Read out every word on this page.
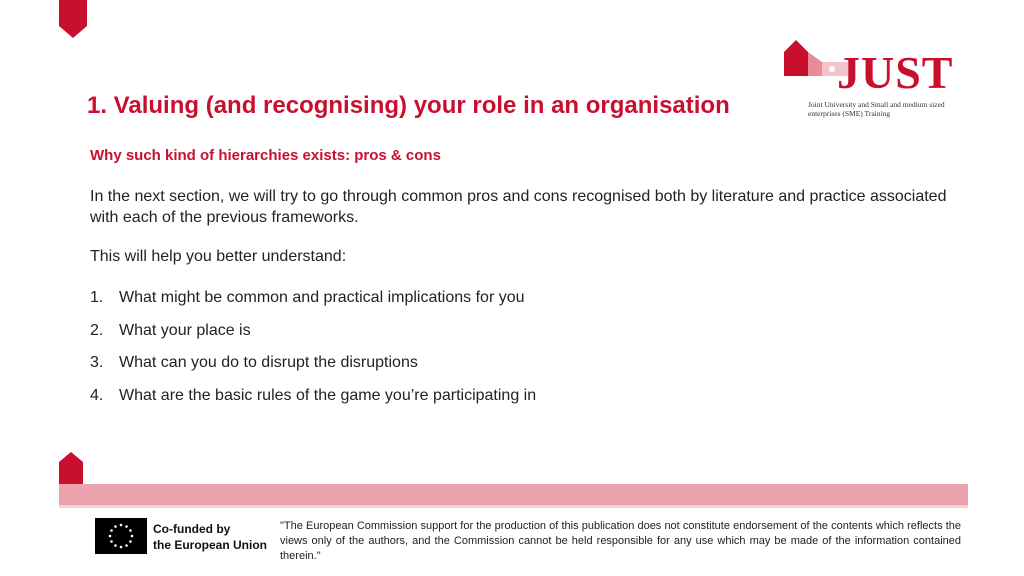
JUST
Joint University and Small and medium sized enterprises (SME) Training
1. Valuing (and recognising) your role in an organisation
Why such kind of hierarchies exists: pros & cons
In the next section, we will try to go through common pros and cons recognised both by literature and practice associated with each of the previous frameworks.
This will help you better understand:
1. What might be common and practical implications for you
2. What your place is
3. What can you do to disrupt the disruptions
4. What are the basic rules of the game you’re participating in
Co-funded by
the European Union
"The European Commission support for the production of this publication does not constitute endorsement of the contents which reflects the views only of the authors, and the Commission cannot be held responsible for any use which may be made of the information contained therein."
